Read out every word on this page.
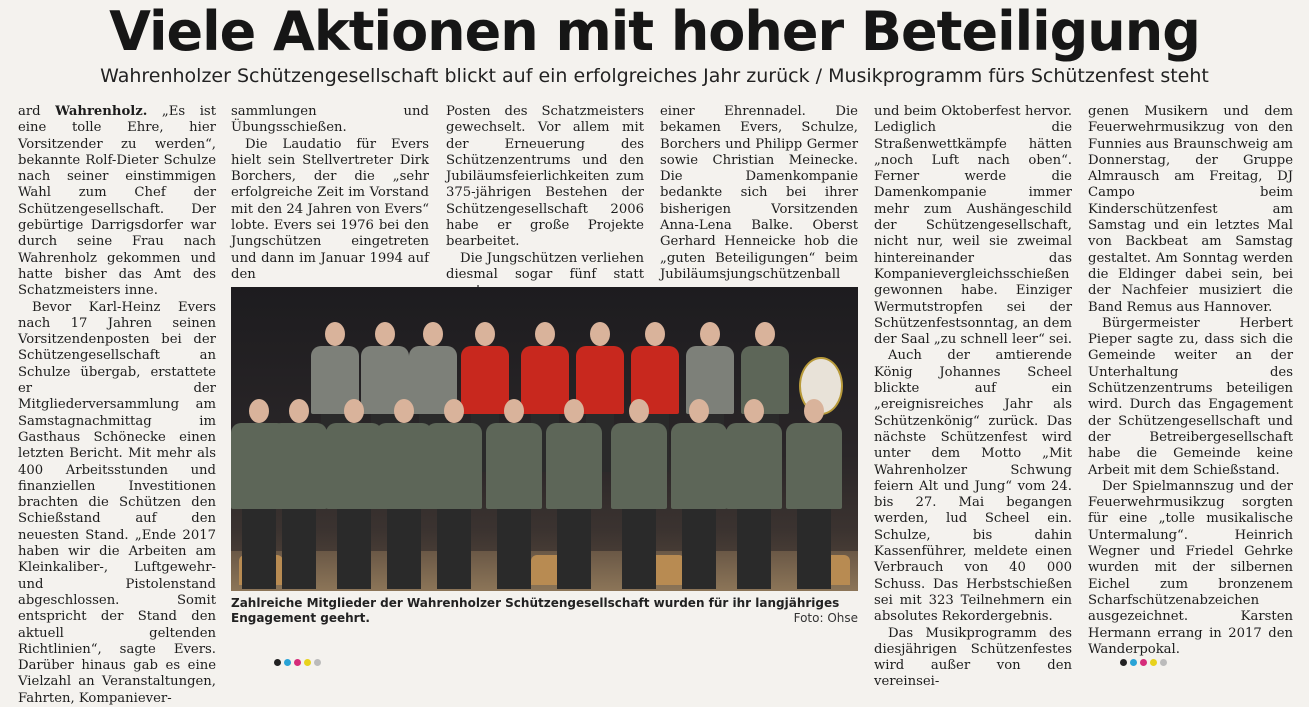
Viele Aktionen mit hoher Beteiligung
Wahrenholzer Schützengesellschaft blickt auf ein erfolgreiches Jahr zurück / Musikprogramm fürs Schützenfest steht

ard Wahrenholz. „Es ist eine tolle Ehre, hier Vorsitzender zu werden“, bekannte Rolf-Dieter Schulze nach seiner einstimmigen Wahl zum Chef der Schützengesellschaft. Der gebürtige Darrigsdorfer war durch seine Frau nach Wahrenholz gekommen und hatte bisher das Amt des Schatzmeisters inne.

Bevor Karl-Heinz Evers nach 17 Jahren seinen Vorsitzendenposten bei der Schützengesellschaft an Schulze übergab, erstattete er der Mitgliederversammlung am Samstagnachmittag im Gasthaus Schönecke einen letzten Bericht. Mit mehr als 400 Arbeitsstunden und finanziellen Investitionen brachten die Schützen den Schießstand auf den neuesten Stand. „Ende 2017 haben wir die Arbeiten am Kleinkaliber-, Luftgewehr- und Pistolenstand abgeschlossen. Somit entspricht der Stand den aktuell geltenden Richtlinien“, sagte Evers. Darüber hinaus gab es eine Vielzahl an Veranstaltungen, Fahrten, Kompaniever-

sammlungen und Übungsschießen.

Die Laudatio für Evers hielt sein Stellvertreter Dirk Borchers, der die „sehr erfolgreiche Zeit im Vorstand mit den 24 Jahren von Evers“ lobte. Evers sei 1976 bei den Jungschützen eingetreten und dann im Januar 1994 auf den

Posten des Schatzmeisters gewechselt. Vor allem mit der Erneuerung des Schützenzentrums und den Jubiläumsfeierlichkeiten zum 375-jährigen Bestehen der Schützengesellschaft 2006 habe er große Projekte bearbeitet.

Die Jungschützen verliehen diesmal sogar fünf statt

einer Ehrennadel. Die bekamen Evers, Schulze, Borchers und Philipp Germer sowie Christian Meinecke. Die Damenkompanie bedankte sich bei ihrer bisherigen Vorsitzenden Anna-Lena Balke. Oberst Gerhard Henneicke hob die „guten Beteiligungen“ beim Jubiläumsjungschützenball

und beim Oktoberfest hervor. Lediglich die Straßenwettkämpfe hätten „noch Luft nach oben“. Ferner werde die Damenkompanie immer mehr zum Aushängeschild der Schützengesellschaft, nicht nur, weil sie zweimal hintereinander das Kompanievergleichsschießen gewonnen habe. Einziger Wermutstropfen sei der Schützenfestsonntag, an dem der Saal „zu schnell leer“ sei.

Auch der amtierende König Johannes Scheel blickte auf ein „ereignisreiches Jahr als Schützenkönig“ zurück. Das nächste Schützenfest wird unter dem Motto „Mit Wahrenholzer Schwung feiern Alt und Jung“ vom 24. bis 27. Mai begangen werden, lud Scheel ein. Schulze, bis dahin Kassenführer, meldete einen Verbrauch von 40 000 Schuss. Das Herbstschießen sei mit 323 Teilnehmern ein absolutes Rekordergebnis.

Das Musikprogramm des diesjährigen Schützenfestes wird außer von den vereinsei-

genen Musikern und dem Feuerwehrmusikzug von den Funnies aus Braunschweig am Donnerstag, der Gruppe Almrausch am Freitag, DJ Campo beim Kinderschützenfest am Samstag und ein letztes Mal von Backbeat am Samstag gestaltet. Am Sonntag werden die Eldinger dabei sein, bei der Nachfeier musiziert die Band Remus aus Hannover.

Bürgermeister Herbert Pieper sagte zu, dass sich die Gemeinde weiter an der Unterhaltung des Schützenzentrums beteiligen wird. Durch das Engagement der Schützengesellschaft und der Betreibergesellschaft habe die Gemeinde keine Arbeit mit dem Schießstand.

Der Spielmannszug und der Feuerwehrmusikzug sorgten für eine „tolle musikalische Untermalung“. Heinrich Wegner und Friedel Gehrke wurden mit der silbernen Eichel zum bronzenem Scharfschützenabzeichen ausgezeichnet. Karsten Hermann errang in 2017 den Wanderpokal.

Zahlreiche Mitglieder der Wahrenholzer Schützengesellschaft wurden für ihr langjähriges Engagement geehrt.	Foto: Ohse
